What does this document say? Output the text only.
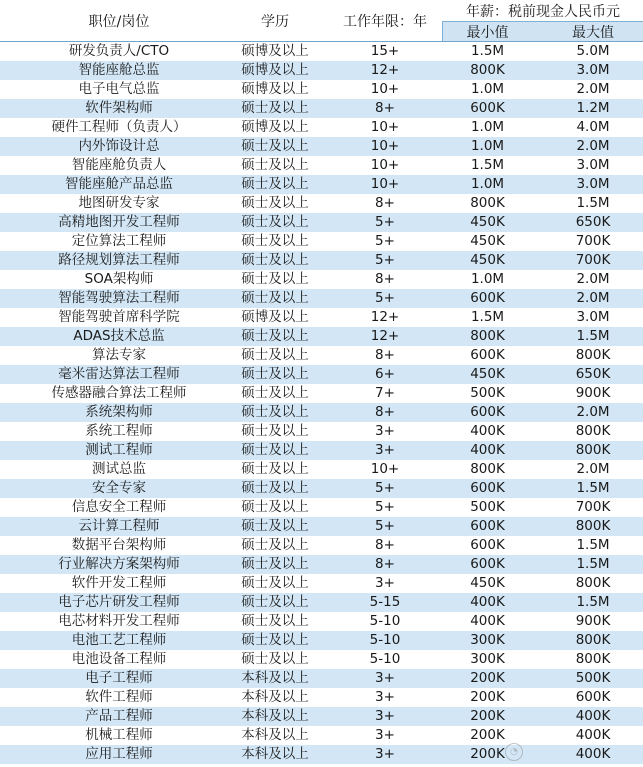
职位/岗位	学历	工作年限：年
年薪：税前现金人民币元
最小值	最大值
研发负责人/CTO	硕博及以上	15+	1.5M	5.0M
智能座舱总监	硕博及以上	12+	800K	3.0M
电子电气总监	硕博及以上	10+	1.0M	2.0M
软件架构师	硕士及以上	8+	600K	1.2M
硬件工程师（负责人）	硕博及以上	10+	1.0M	4.0M
内外饰设计总	硕士及以上	10+	1.0M	2.0M
智能座舱负责人	硕士及以上	10+	1.5M	3.0M
智能座舱产品总监	硕士及以上	10+	1.0M	3.0M
地图研发专家	硕士及以上	8+	800K	1.5M
高精地图开发工程师	硕士及以上	5+	450K	650K
定位算法工程师	硕士及以上	5+	450K	700K
路径规划算法工程师	硕士及以上	5+	450K	700K
SOA架构师	硕士及以上	8+	1.0M	2.0M
智能驾驶算法工程师	硕士及以上	5+	600K	2.0M
智能驾驶首席科学院	硕博及以上	12+	1.5M	3.0M
ADAS技术总监	硕士及以上	12+	800K	1.5M
算法专家	硕士及以上	8+	600K	800K
毫米雷达算法工程师	硕士及以上	6+	450K	650K
传感器融合算法工程师	硕士及以上	7+	500K	900K
系统架构师	硕士及以上	8+	600K	2.0M
系统工程师	硕士及以上	3+	400K	800K
测试工程师	硕士及以上	3+	400K	800K
测试总监	硕士及以上	10+	800K	2.0M
安全专家	硕士及以上	5+	600K	1.5M
信息安全工程师	硕士及以上	5+	500K	700K
云计算工程师	硕士及以上	5+	600K	800K
数据平台架构师	硕士及以上	8+	600K	1.5M
行业解决方案架构师	硕士及以上	8+	600K	1.5M
软件开发工程师	硕士及以上	3+	450K	800K
电子芯片研发工程师	硕士及以上	5-15	400K	1.5M
电芯材料开发工程师	硕士及以上	5-10	400K	900K
电池工艺工程师	硕士及以上	5-10	300K	800K
电池设备工程师	硕士及以上	5-10	300K	800K
电子工程师	本科及以上	3+	200K	500K
软件工程师	本科及以上	3+	200K	600K
产品工程师	本科及以上	3+	200K	400K
机械工程师	本科及以上	3+	200K	400K
应用工程师	本科及以上	3+	200K	400K
◔
